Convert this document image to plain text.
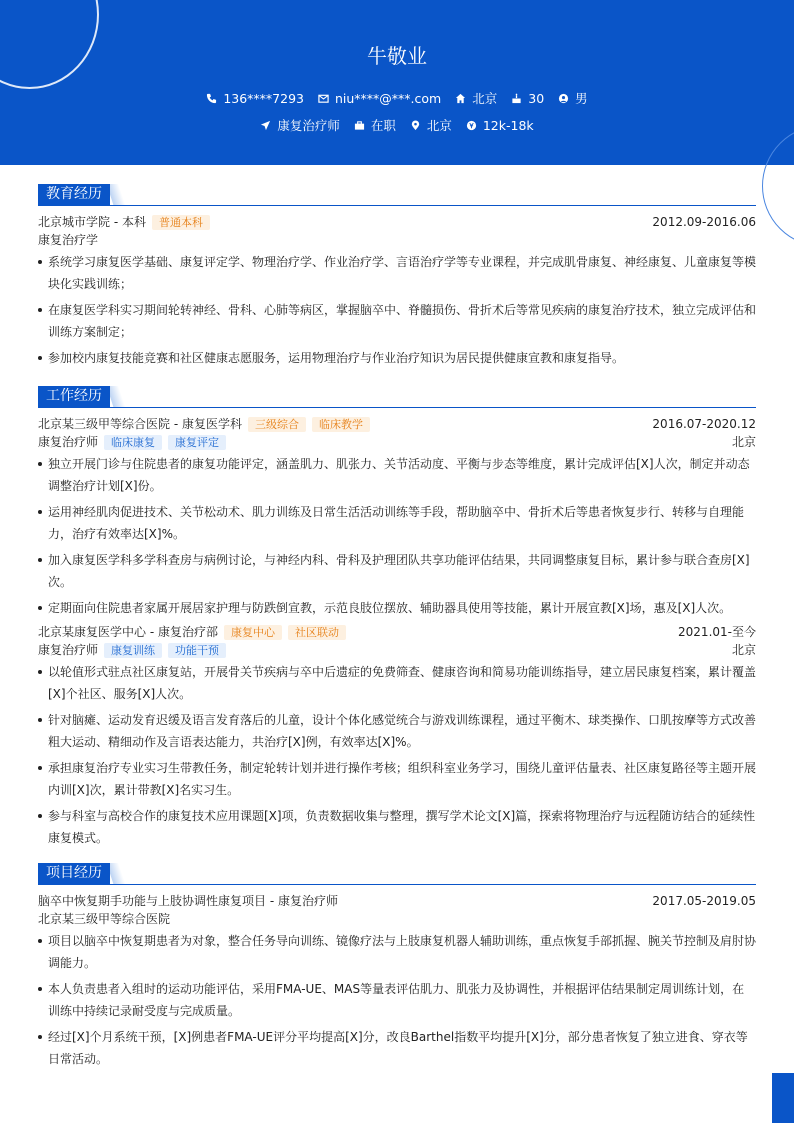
牛敬业
136****7293 niu****@***.com 北京 30 男
康复治疗师 在职 北京 12k-18k
教育经历
北京城市学院 - 本科	普通本科	2012.09-2016.06
康复治疗学
系统学习康复医学基础、康复评定学、物理治疗学、作业治疗学、言语治疗学等专业课程，并完成肌骨康复、神经康复、儿童康复等模块化实践训练；
在康复医学科实习期间轮转神经、骨科、心肺等病区，掌握脑卒中、脊髓损伤、骨折术后等常见疾病的康复治疗技术，独立完成评估和训练方案制定；
参加校内康复技能竞赛和社区健康志愿服务，运用物理治疗与作业治疗知识为居民提供健康宣教和康复指导。
工作经历
北京某三级甲等综合医院 - 康复医学科	三级综合	临床教学	2016.07-2020.12
康复治疗师	临床康复	康复评定	北京
独立开展门诊与住院患者的康复功能评定，涵盖肌力、肌张力、关节活动度、平衡与步态等维度，累计完成评估[X]人次，制定并动态调整治疗计划[X]份。
运用神经肌肉促进技术、关节松动术、肌力训练及日常生活活动训练等手段，帮助脑卒中、骨折术后等患者恢复步行、转移与自理能力，治疗有效率达[X]%。
加入康复医学科多学科查房与病例讨论，与神经内科、骨科及护理团队共享功能评估结果，共同调整康复目标，累计参与联合查房[X]次。
定期面向住院患者家属开展居家护理与防跌倒宣教，示范良肢位摆放、辅助器具使用等技能，累计开展宣教[X]场，惠及[X]人次。
北京某康复医学中心 - 康复治疗部	康复中心	社区联动	2021.01-至今
康复治疗师	康复训练	功能干预	北京
以轮值形式驻点社区康复站，开展骨关节疾病与卒中后遗症的免费筛查、健康咨询和简易功能训练指导，建立居民康复档案，累计覆盖[X]个社区、服务[X]人次。
针对脑瘫、运动发育迟缓及语言发育落后的儿童，设计个体化感觉统合与游戏训练课程，通过平衡木、球类操作、口肌按摩等方式改善粗大运动、精细动作及言语表达能力，共治疗[X]例，有效率达[X]%。
承担康复治疗专业实习生带教任务，制定轮转计划并进行操作考核；组织科室业务学习，围绕儿童评估量表、社区康复路径等主题开展内训[X]次，累计带教[X]名实习生。
参与科室与高校合作的康复技术应用课题[X]项，负责数据收集与整理，撰写学术论文[X]篇，探索将物理治疗与远程随访结合的延续性康复模式。
项目经历
脑卒中恢复期手功能与上肢协调性康复项目 - 康复治疗师	2017.05-2019.05
北京某三级甲等综合医院
项目以脑卒中恢复期患者为对象，整合任务导向训练、镜像疗法与上肢康复机器人辅助训练，重点恢复手部抓握、腕关节控制及肩肘协调能力。
本人负责患者入组时的运动功能评估，采用FMA-UE、MAS等量表评估肌力、肌张力及协调性，并根据评估结果制定周训练计划，在训练中持续记录耐受度与完成质量。
经过[X]个月系统干预，[X]例患者FMA-UE评分平均提高[X]分，改良Barthel指数平均提升[X]分，部分患者恢复了独立进食、穿衣等日常活动。
